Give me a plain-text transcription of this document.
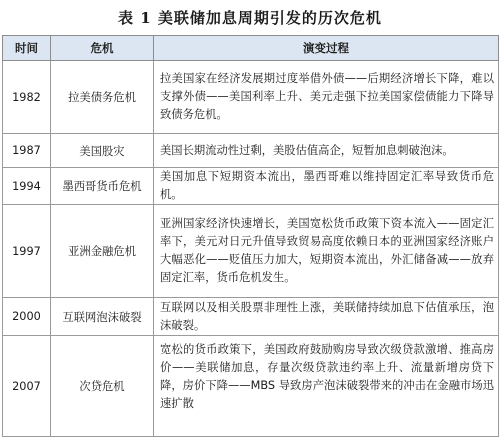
表 1 美联储加息周期引发的历次危机
时间	危机	演变过程
1982	拉美债务危机	拉美国家在经济发展期过度举借外债——后期经济增长下降，难以支撑外债——美国利率上升、美元走强下拉美国家偿债能力下降导致债务危机。
1987	美国股灾	美国长期流动性过剩，美股估值高企，短暂加息刺破泡沫。
1994	墨西哥货币危机	美国加息下短期资本流出，墨西哥难以维持固定汇率导致货币危机。
1997	亚洲金融危机	亚洲国家经济快速增长，美国宽松货币政策下资本流入——固定汇率下，美元对日元升值导致贸易高度依赖日本的亚洲国家经济账户大幅恶化——贬值压力加大，短期资本流出，外汇储备减——放弃固定汇率，货币危机发生。
2000	互联网泡沫破裂	互联网以及相关股票非理性上涨，美联储持续加息下估值承压，泡沫破裂。
2007	次贷危机	宽松的货币政策下，美国政府鼓励购房导致次级贷款激增、推高房价——美联储加息，存量次级贷款违约率上升、流量新增房贷下降，房价下降——MBS 导致房产泡沫破裂带来的冲击在金融市场迅速扩散
